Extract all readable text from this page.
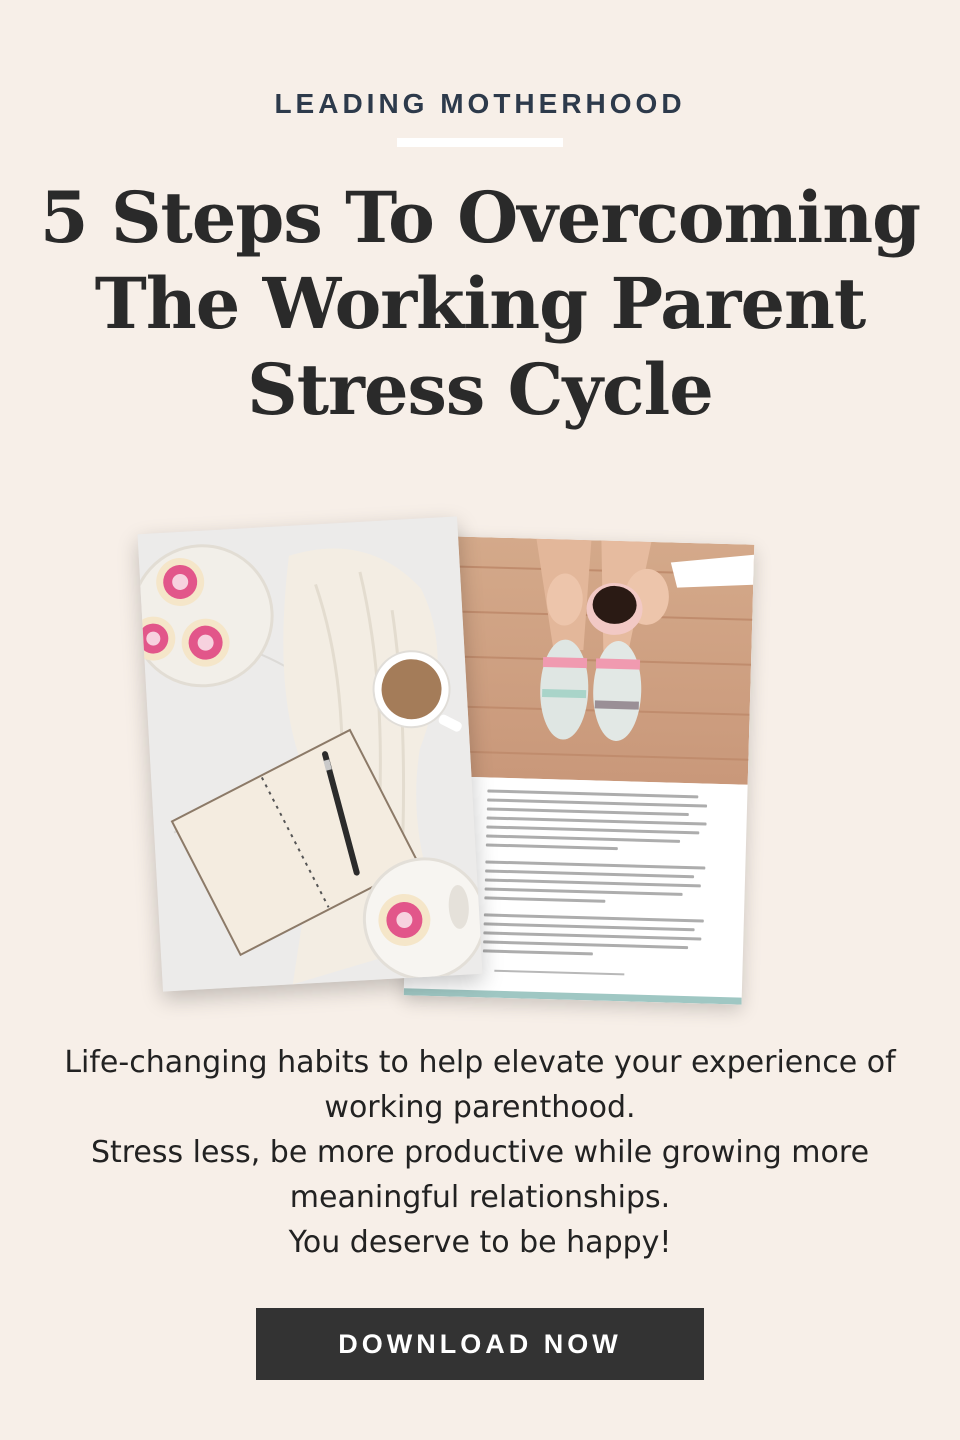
LEADING MOTHERHOOD
5 Steps To Overcoming
The Working Parent
Stress Cycle
Life-changing habits to help elevate your experience of
working parenthood.
Stress less, be more productive while growing more
meaningful relationships.
You deserve to be happy!
DOWNLOAD NOW
